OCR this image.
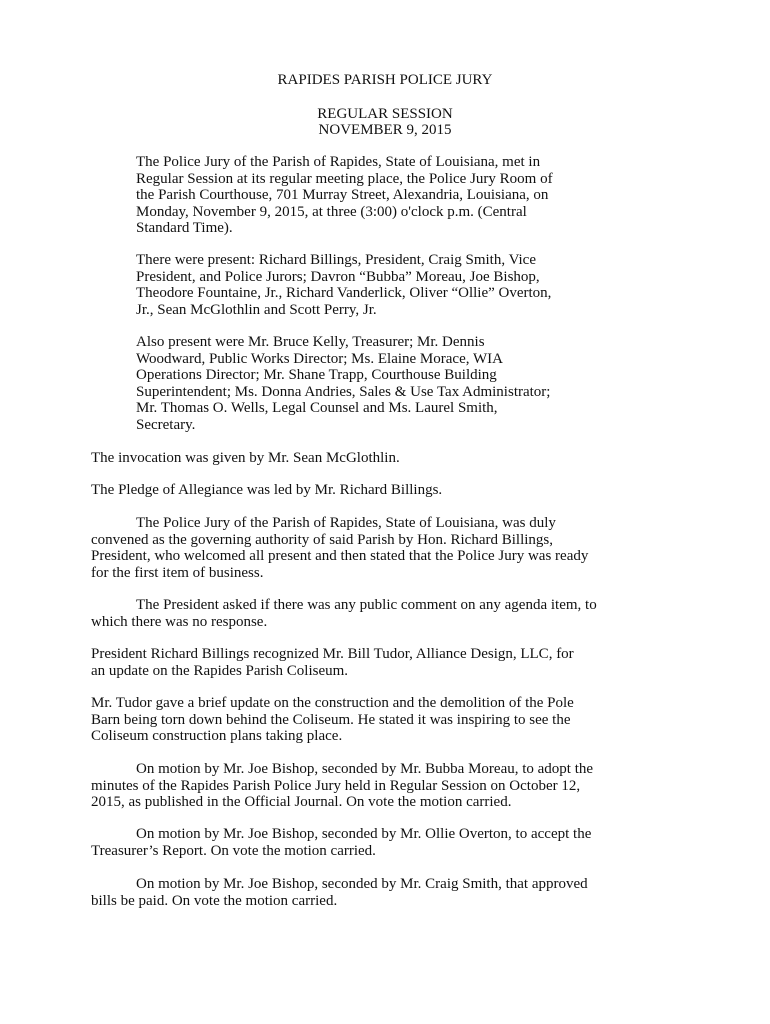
RAPIDES PARISH POLICE JURY
REGULAR SESSION
NOVEMBER 9, 2015
The Police Jury of the Parish of Rapides, State of Louisiana, met in
Regular Session at its regular meeting place, the Police Jury Room of
the Parish Courthouse, 701 Murray Street, Alexandria, Louisiana, on
Monday, November 9, 2015, at three (3:00) o'clock p.m. (Central
Standard Time).
There were present: Richard Billings, President, Craig Smith, Vice
President, and Police Jurors; Davron “Bubba” Moreau, Joe Bishop,
Theodore Fountaine, Jr., Richard Vanderlick, Oliver “Ollie” Overton,
Jr., Sean McGlothlin and Scott Perry, Jr.
Also present were Mr. Bruce Kelly, Treasurer; Mr. Dennis
Woodward, Public Works Director; Ms. Elaine Morace, WIA
Operations Director; Mr. Shane Trapp, Courthouse Building
Superintendent; Ms. Donna Andries, Sales & Use Tax Administrator;
Mr. Thomas O. Wells, Legal Counsel and Ms. Laurel Smith,
Secretary.
The invocation was given by Mr. Sean McGlothlin.
The Pledge of Allegiance was led by Mr. Richard Billings.
The Police Jury of the Parish of Rapides, State of Louisiana, was duly
convened as the governing authority of said Parish by Hon. Richard Billings,
President, who welcomed all present and then stated that the Police Jury was ready
for the first item of business.
The President asked if there was any public comment on any agenda item, to
which there was no response.
President Richard Billings recognized Mr. Bill Tudor, Alliance Design, LLC, for
an update on the Rapides Parish Coliseum.
Mr. Tudor gave a brief update on the construction and the demolition of the Pole
Barn being torn down behind the Coliseum. He stated it was inspiring to see the
Coliseum construction plans taking place.
On motion by Mr. Joe Bishop, seconded by Mr. Bubba Moreau, to adopt the
minutes of the Rapides Parish Police Jury held in Regular Session on October 12,
2015, as published in the Official Journal. On vote the motion carried.
On motion by Mr. Joe Bishop, seconded by Mr. Ollie Overton, to accept the
Treasurer’s Report. On vote the motion carried.
On motion by Mr. Joe Bishop, seconded by Mr. Craig Smith, that approved
bills be paid. On vote the motion carried.
